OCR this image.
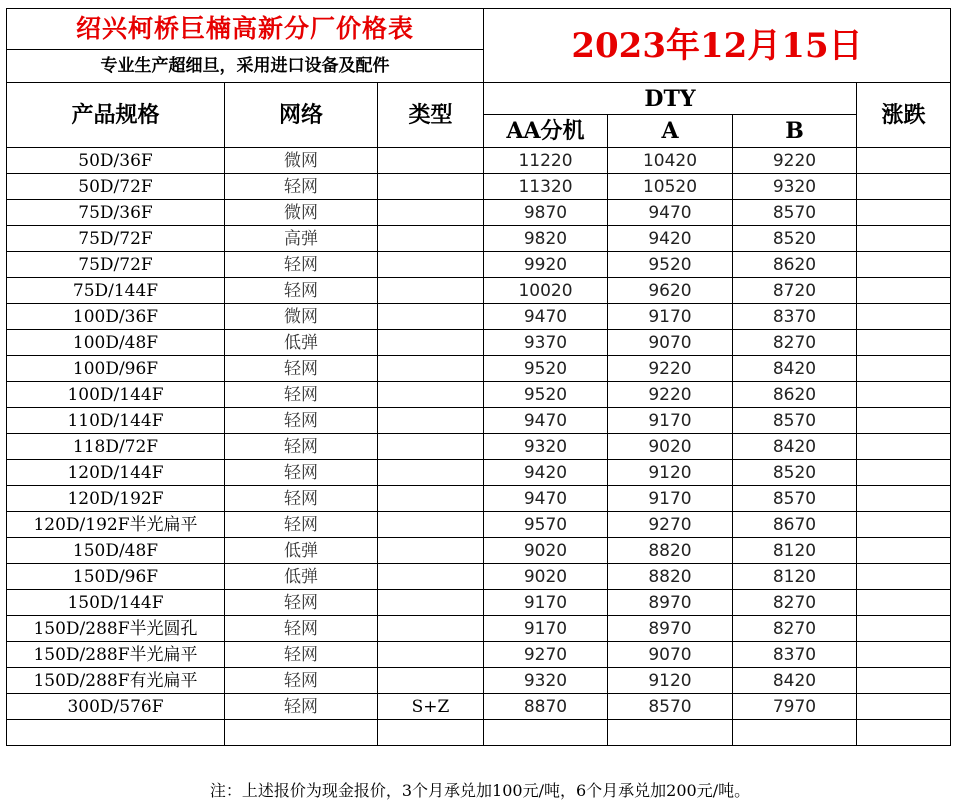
绍兴柯桥巨楠高新分厂价格表			2023年12月15日			
专业生产超细旦，采用进口设备及配件						
产品规格	网络	类型	DTY			涨跌
			AA分机	A	B	
50D/36F	微网		11220	10420	9220	
50D/72F	轻网		11320	10520	9320	
75D/36F	微网		9870	9470	8570	
75D/72F	高弹		9820	9420	8520	
75D/72F	轻网		9920	9520	8620	
75D/144F	轻网		10020	9620	8720	
100D/36F	微网		9470	9170	8370	
100D/48F	低弹		9370	9070	8270	
100D/96F	轻网		9520	9220	8420	
100D/144F	轻网		9520	9220	8620	
110D/144F	轻网		9470	9170	8570	
118D/72F	轻网		9320	9020	8420	
120D/144F	轻网		9420	9120	8520	
120D/192F	轻网		9470	9170	8570	
120D/192F半光扁平	轻网		9570	9270	8670	
150D/48F	低弹		9020	8820	8120	
150D/96F	低弹		9020	8820	8120	
150D/144F	轻网		9170	8970	8270	
150D/288F半光圆孔	轻网		9170	8970	8270	
150D/288F半光扁平	轻网		9270	9070	8370	
150D/288F有光扁平	轻网		9320	9120	8420	
300D/576F	轻网	S+Z	8870	8570	7970	

注：上述报价为现金报价，3个月承兑加100元/吨，6个月承兑加200元/吨。
